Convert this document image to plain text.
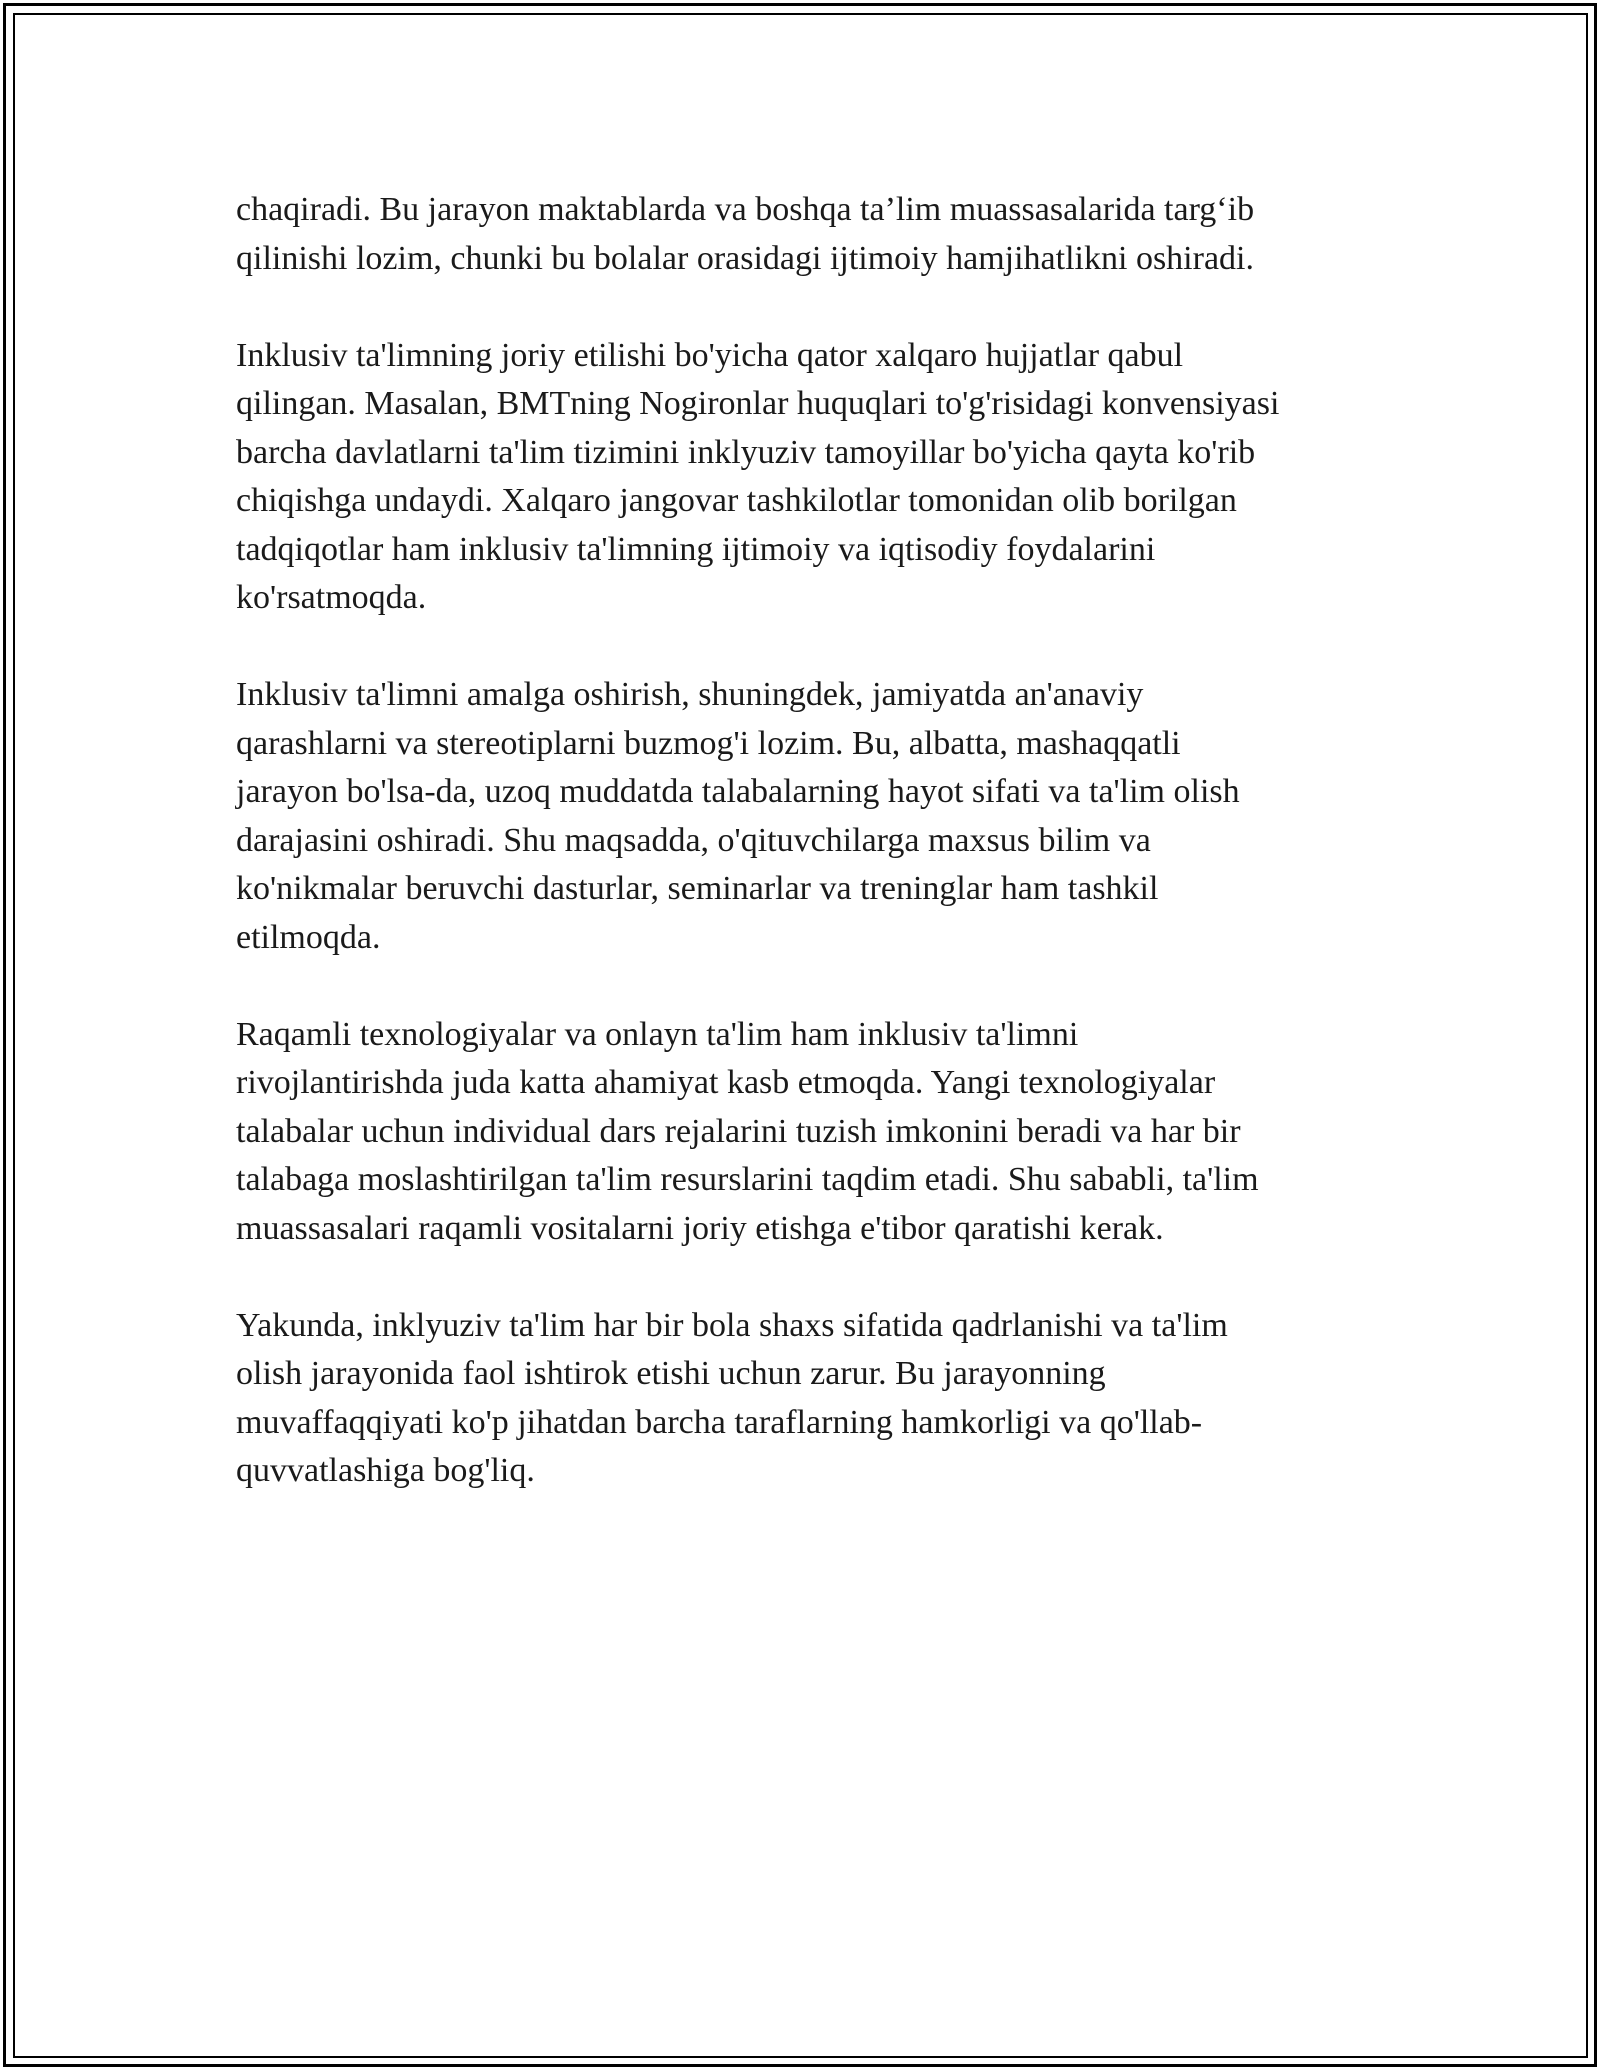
chaqiradi. Bu jarayon maktablarda va boshqa ta’lim muassasalarida targ‘ib
qilinishi lozim, chunki bu bolalar orasidagi ijtimoiy hamjihatlikni oshiradi.

Inklusiv ta'limning joriy etilishi bo'yicha qator xalqaro hujjatlar qabul
qilingan. Masalan, BMTning Nogironlar huquqlari to'g'risidagi konvensiyasi
barcha davlatlarni ta'lim tizimini inklyuziv tamoyillar bo'yicha qayta ko'rib
chiqishga undaydi. Xalqaro jangovar tashkilotlar tomonidan olib borilgan
tadqiqotlar ham inklusiv ta'limning ijtimoiy va iqtisodiy foydalarini
ko'rsatmoqda.

Inklusiv ta'limni amalga oshirish, shuningdek, jamiyatda an'anaviy
qarashlarni va stereotiplarni buzmog'i lozim. Bu, albatta, mashaqqatli
jarayon bo'lsa-da, uzoq muddatda talabalarning hayot sifati va ta'lim olish
darajasini oshiradi. Shu maqsadda, o'qituvchilarga maxsus bilim va
ko'nikmalar beruvchi dasturlar, seminarlar va treninglar ham tashkil
etilmoqda.

Raqamli texnologiyalar va onlayn ta'lim ham inklusiv ta'limni
rivojlantirishda juda katta ahamiyat kasb etmoqda. Yangi texnologiyalar
talabalar uchun individual dars rejalarini tuzish imkonini beradi va har bir
talabaga moslashtirilgan ta'lim resurslarini taqdim etadi. Shu sababli, ta'lim
muassasalari raqamli vositalarni joriy etishga e'tibor qaratishi kerak.

Yakunda, inklyuziv ta'lim har bir bola shaxs sifatida qadrlanishi va ta'lim
olish jarayonida faol ishtirok etishi uchun zarur. Bu jarayonning
muvaffaqqiyati ko'p jihatdan barcha taraflarning hamkorligi va qo'llab-
quvvatlashiga bog'liq.
